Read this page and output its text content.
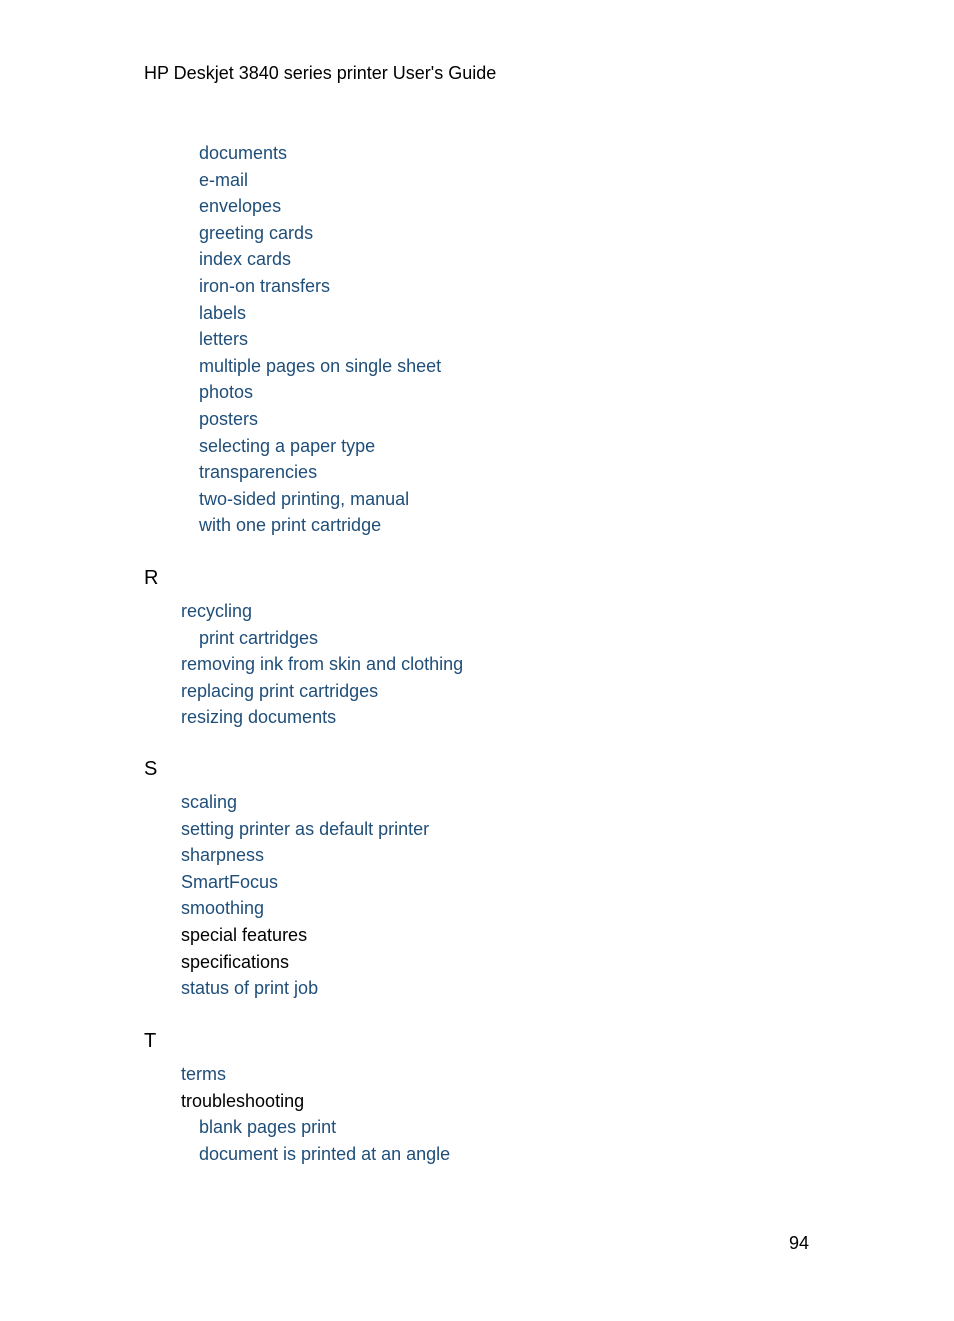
HP Deskjet 3840 series printer User's Guide
documents
e-mail
envelopes
greeting cards
index cards
iron-on transfers
labels
letters
multiple pages on single sheet
photos
posters
selecting a paper type
transparencies
two-sided printing, manual
with one print cartridge
R
recycling
print cartridges
removing ink from skin and clothing
replacing print cartridges
resizing documents
S
scaling
setting printer as default printer
sharpness
SmartFocus
smoothing
special features
specifications
status of print job
T
terms
troubleshooting
blank pages print
document is printed at an angle
94
